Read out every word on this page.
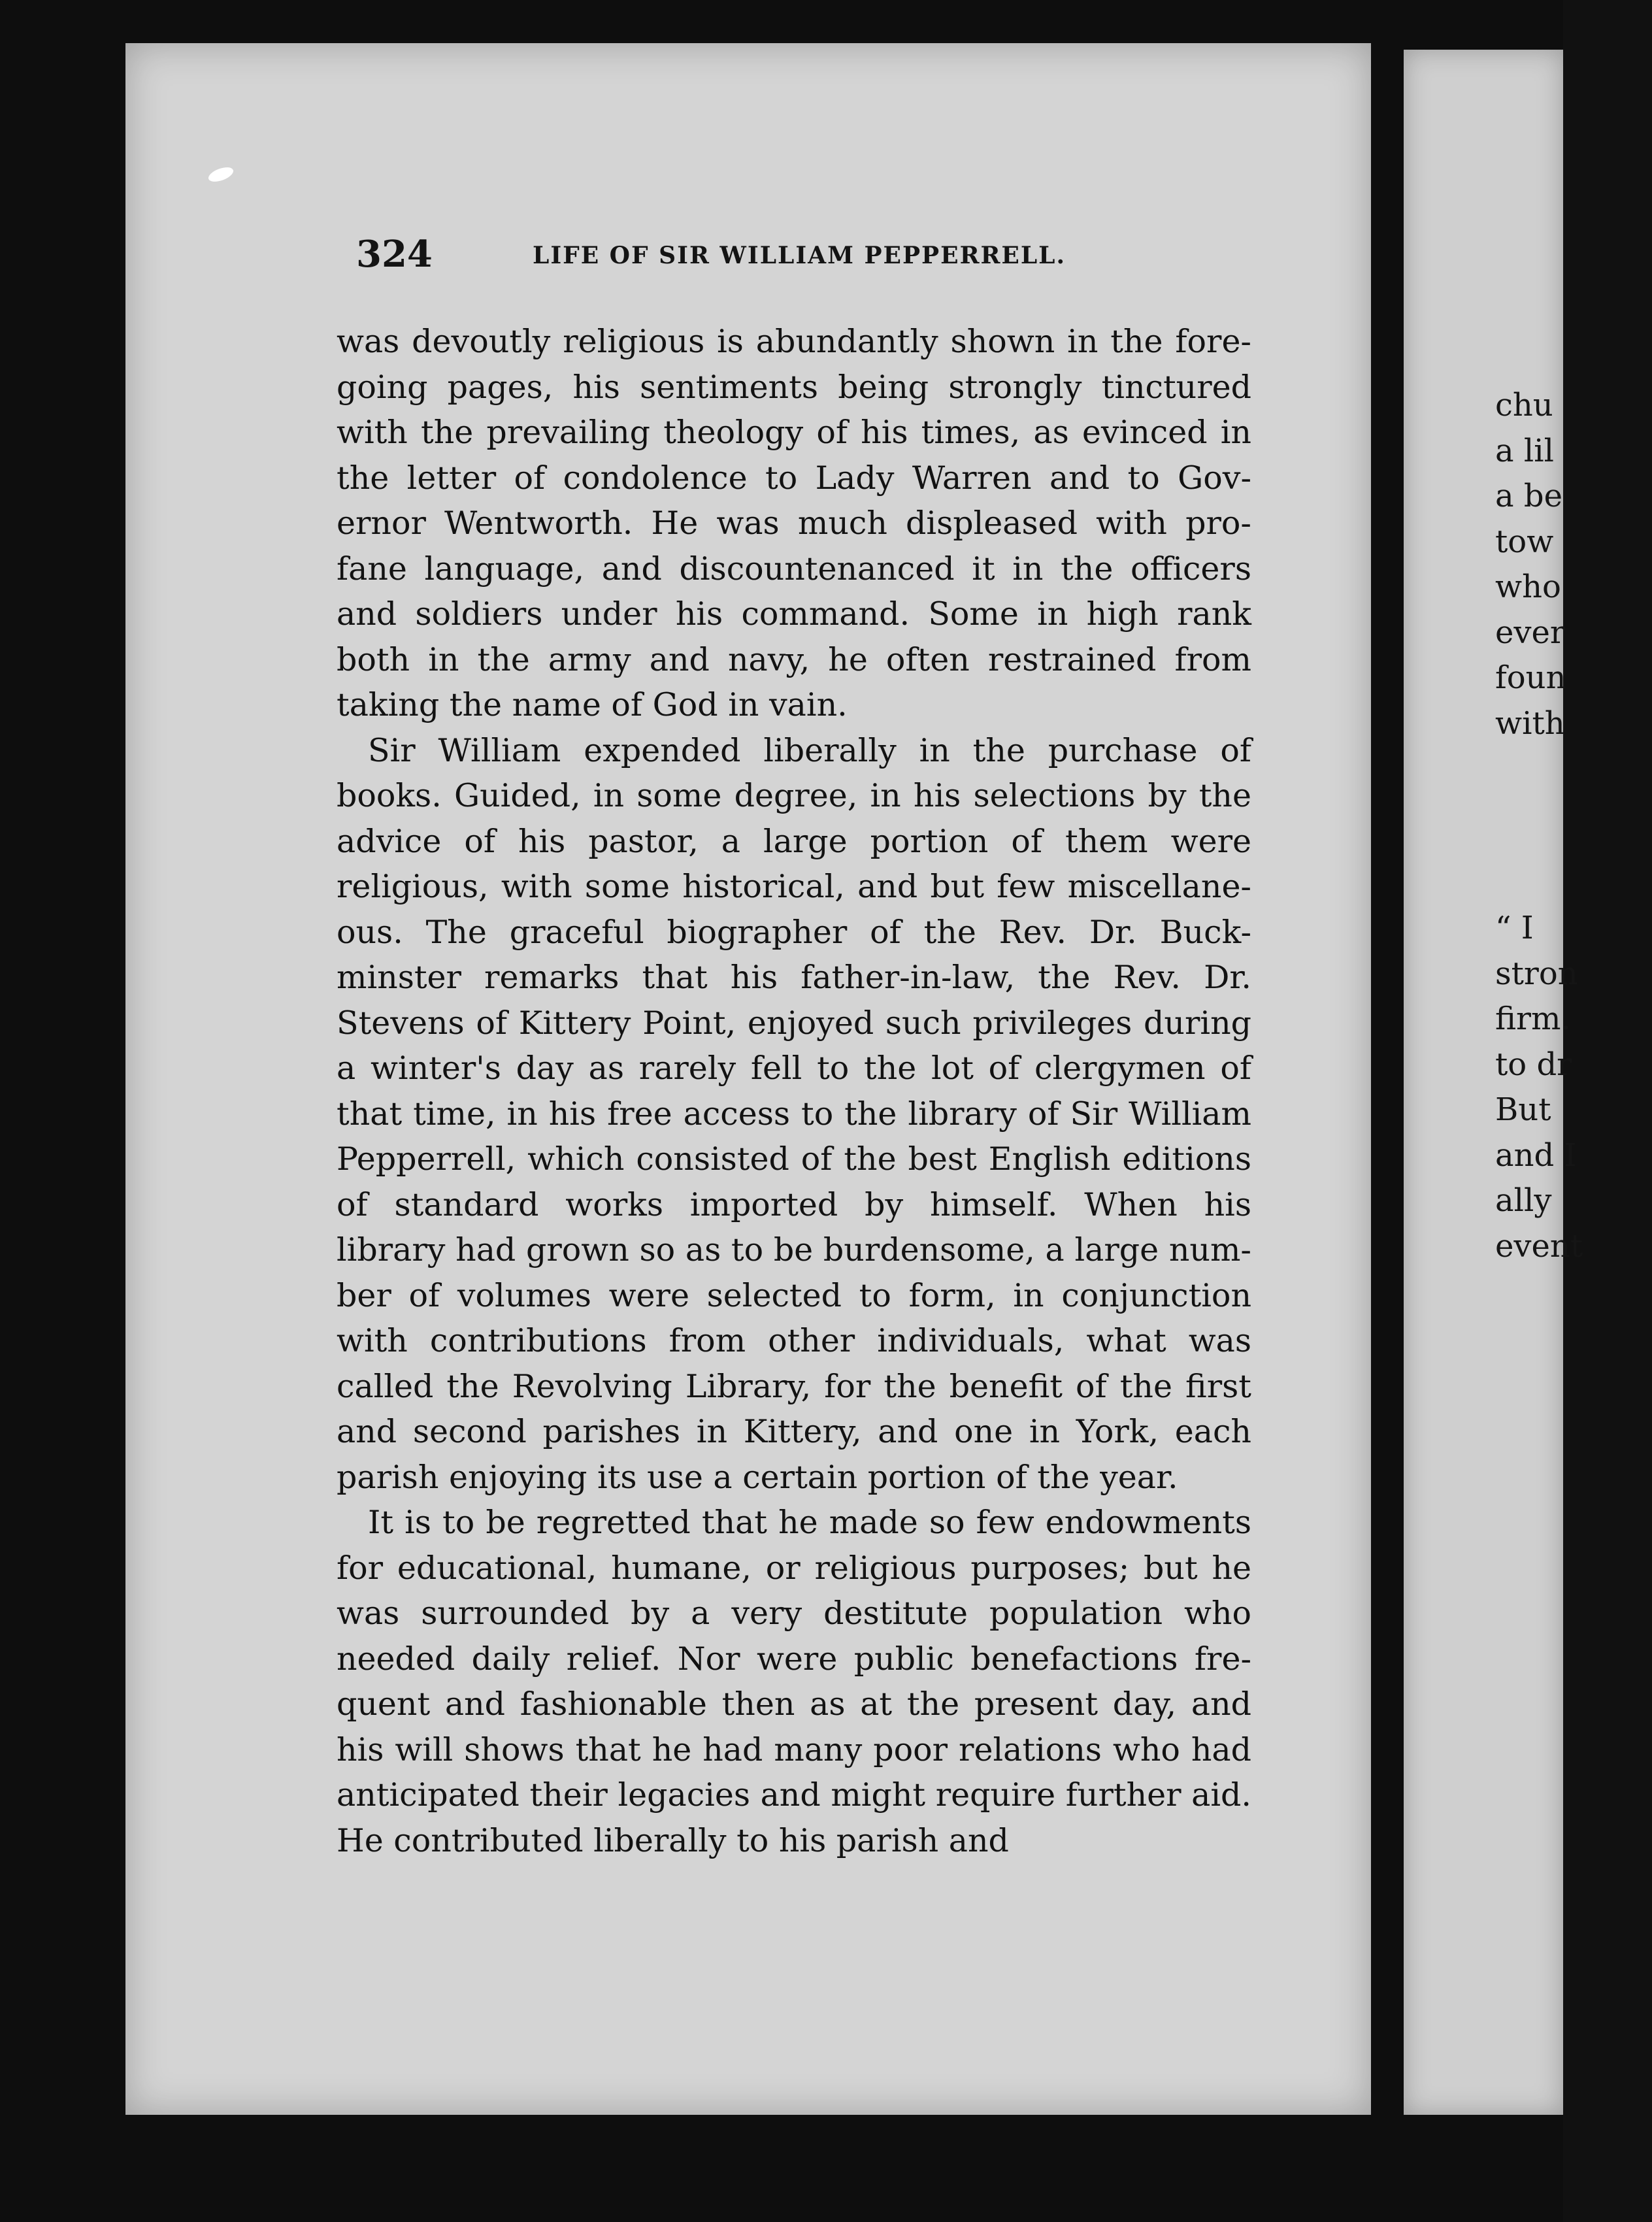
324	LIFE OF SIR WILLIAM PEPPERRELL.

was devoutly religious is abundantly shown in the fore-going pages, his sentiments being strongly tinctured with the prevailing theology of his times, as evinced in the letter of condolence to Lady Warren and to Gov-ernor Wentworth. He was much displeased with pro-fane language, and discountenanced it in the officers and soldiers under his command. Some in high rank both in the army and navy, he often restrained from taking the name of God in vain.

Sir William expended liberally in the purchase of books. Guided, in some degree, in his selections by the advice of his pastor, a large portion of them were religious, with some historical, and but few miscellane-ous. The graceful biographer of the Rev. Dr. Buck-minster remarks that his father-in-law, the Rev. Dr. Stevens of Kittery Point, enjoyed such privileges during a winter's day as rarely fell to the lot of clergymen of that time, in his free access to the library of Sir William Pepperrell, which consisted of the best English editions of standard works imported by himself. When his library had grown so as to be burdensome, a large num-ber of volumes were selected to form, in conjunction with contributions from other individuals, what was called the Revolving Library, for the benefit of the first and second parishes in Kittery, and one in York, each parish enjoying its use a certain portion of the year.

It is to be regretted that he made so few endowments for educational, humane, or religious purposes; but he was surrounded by a very destitute population who needed daily relief. Nor were public benefactions fre-quent and fashionable then as at the present day, and his will shows that he had many poor relations who had anticipated their legacies and might require further aid. He contributed liberally to his parish and

chu
a lil
a be
tow
who
ever
foun
with
“ I
stron
firm.
to dr
But
and I
ally
event
